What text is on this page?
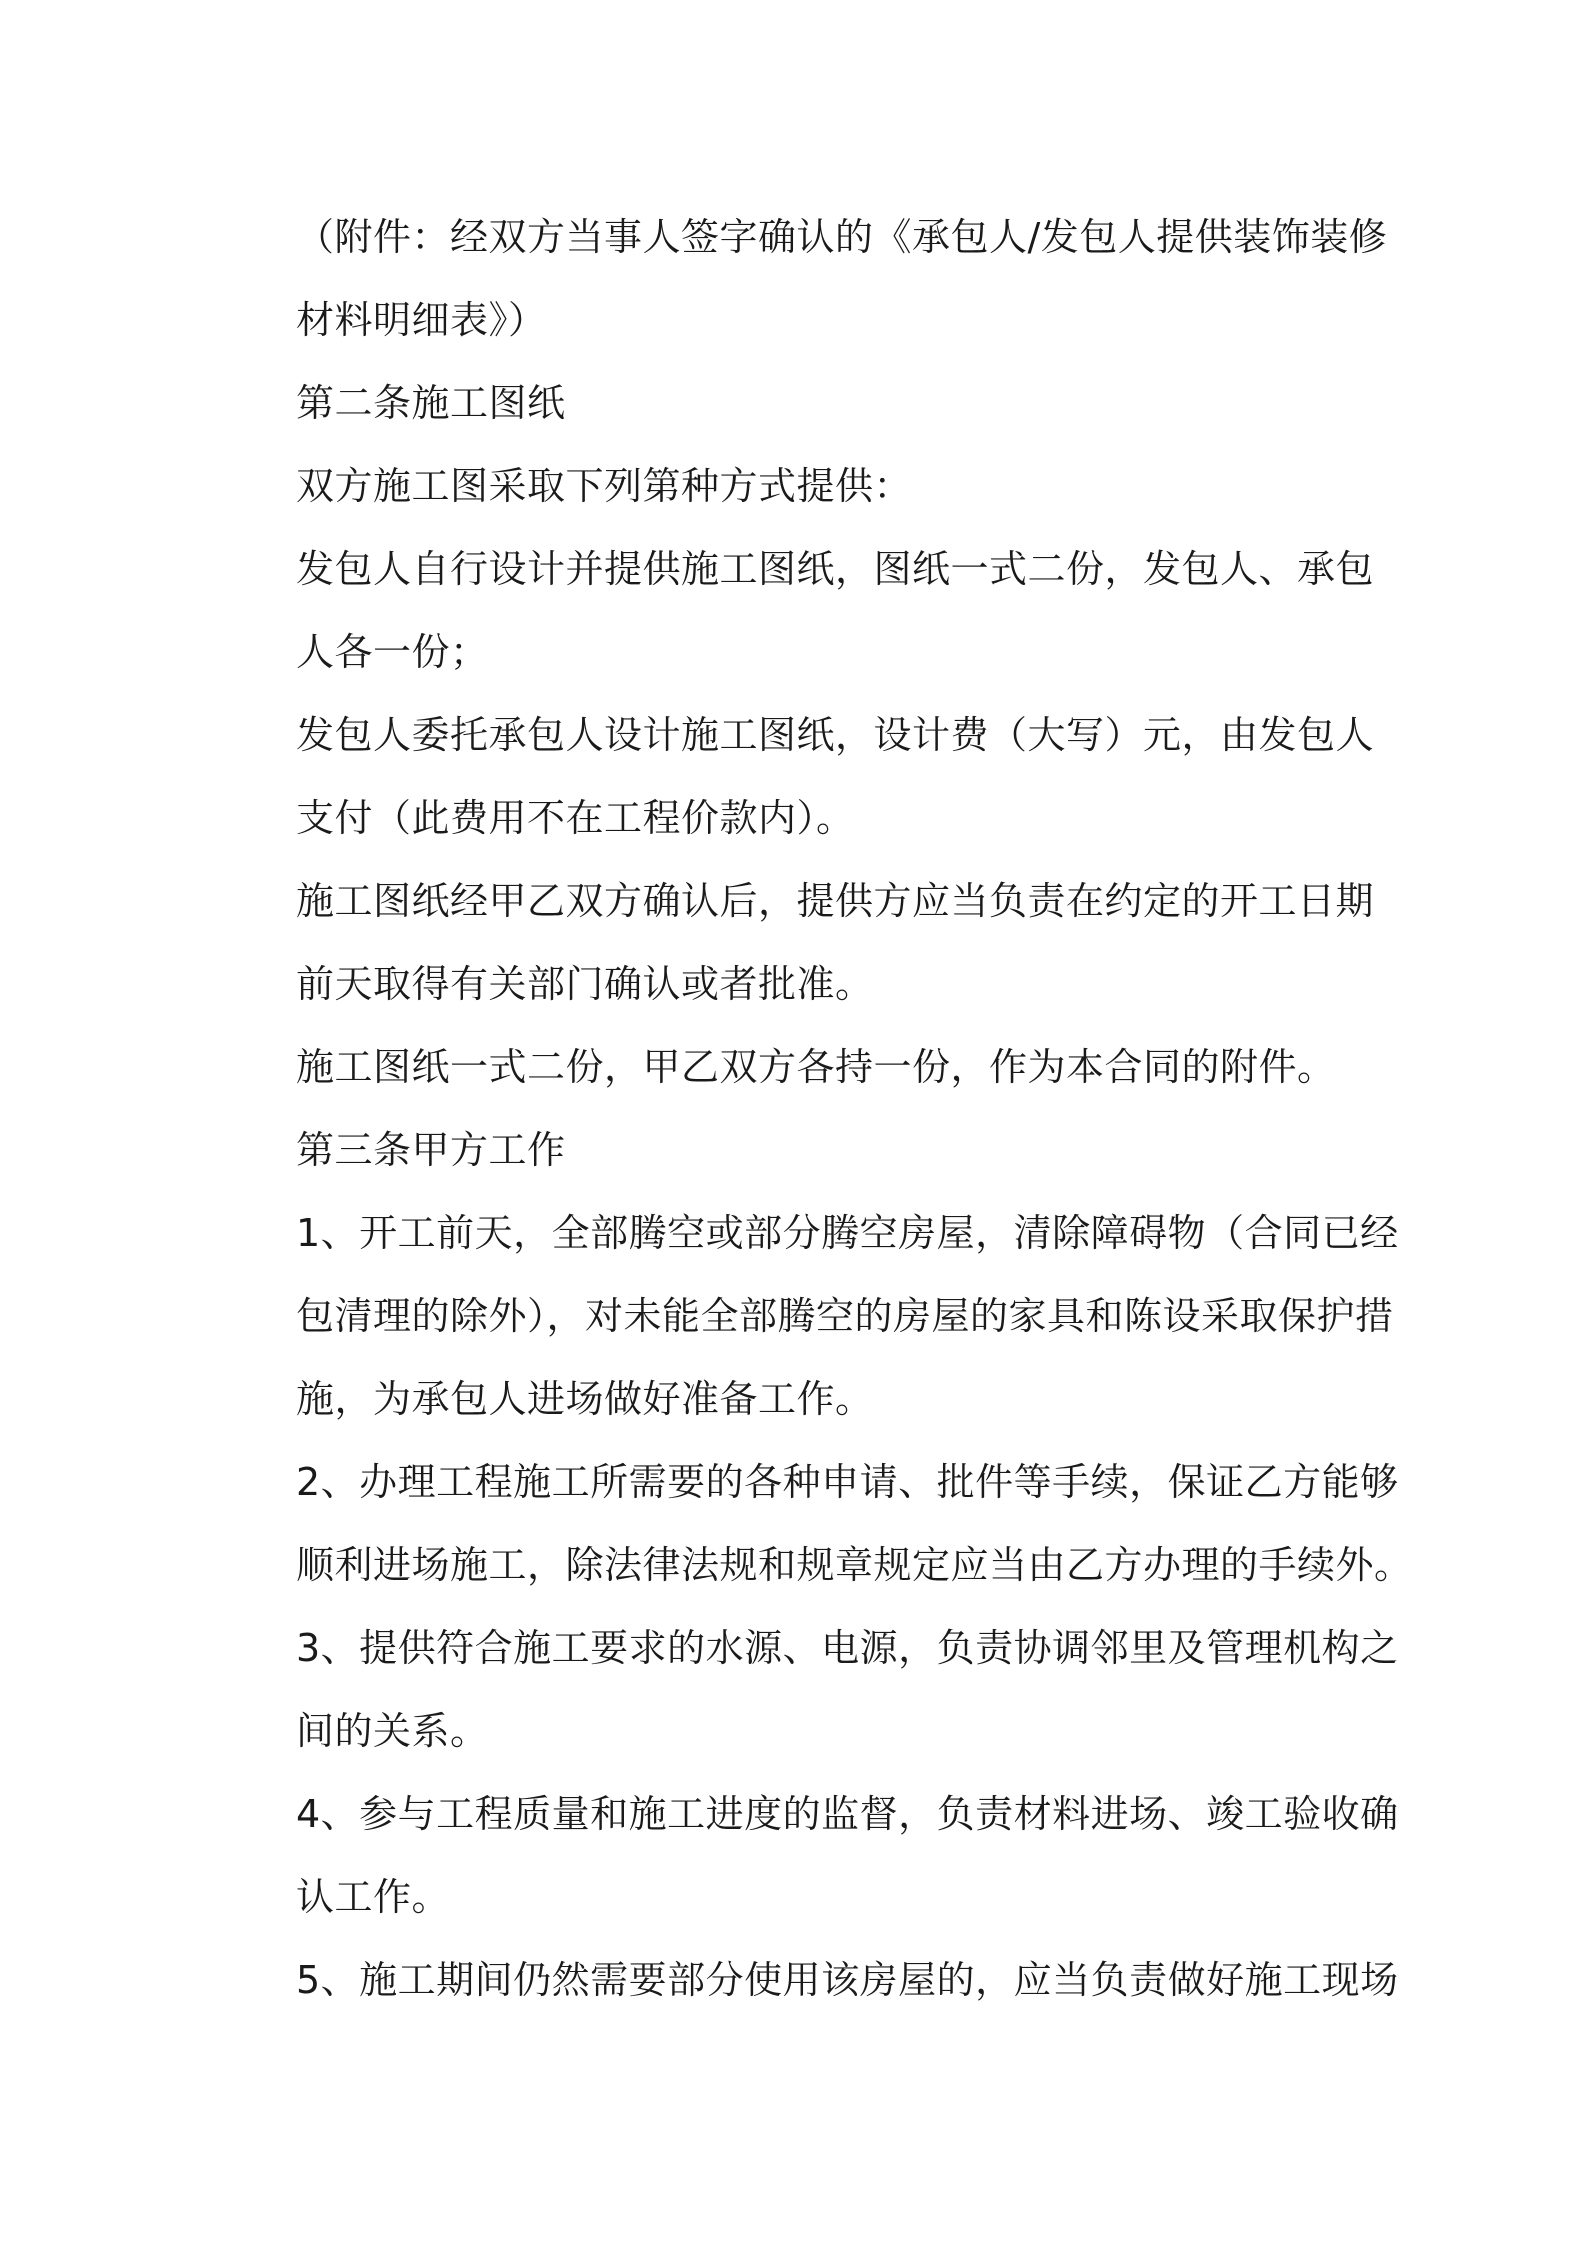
（附件：经双方当事人签字确认的《承包人/发包人提供装饰装修
材料明细表》）
第二条施工图纸
双方施工图采取下列第种方式提供：
发包人自行设计并提供施工图纸，图纸一式二份，发包人、承包
人各一份；
发包人委托承包人设计施工图纸，设计费（大写）元，由发包人
支付（此费用不在工程价款内）。
施工图纸经甲乙双方确认后，提供方应当负责在约定的开工日期
前天取得有关部门确认或者批准。
施工图纸一式二份，甲乙双方各持一份，作为本合同的附件。
第三条甲方工作
1、开工前天，全部腾空或部分腾空房屋，清除障碍物（合同已经
包清理的除外），对未能全部腾空的房屋的家具和陈设采取保护措
施，为承包人进场做好准备工作。
2、办理工程施工所需要的各种申请、批件等手续，保证乙方能够
顺利进场施工，除法律法规和规章规定应当由乙方办理的手续外。
3、提供符合施工要求的水源、电源，负责协调邻里及管理机构之
间的关系。
4、参与工程质量和施工进度的监督，负责材料进场、竣工验收确
认工作。
5、施工期间仍然需要部分使用该房屋的，应当负责做好施工现场
